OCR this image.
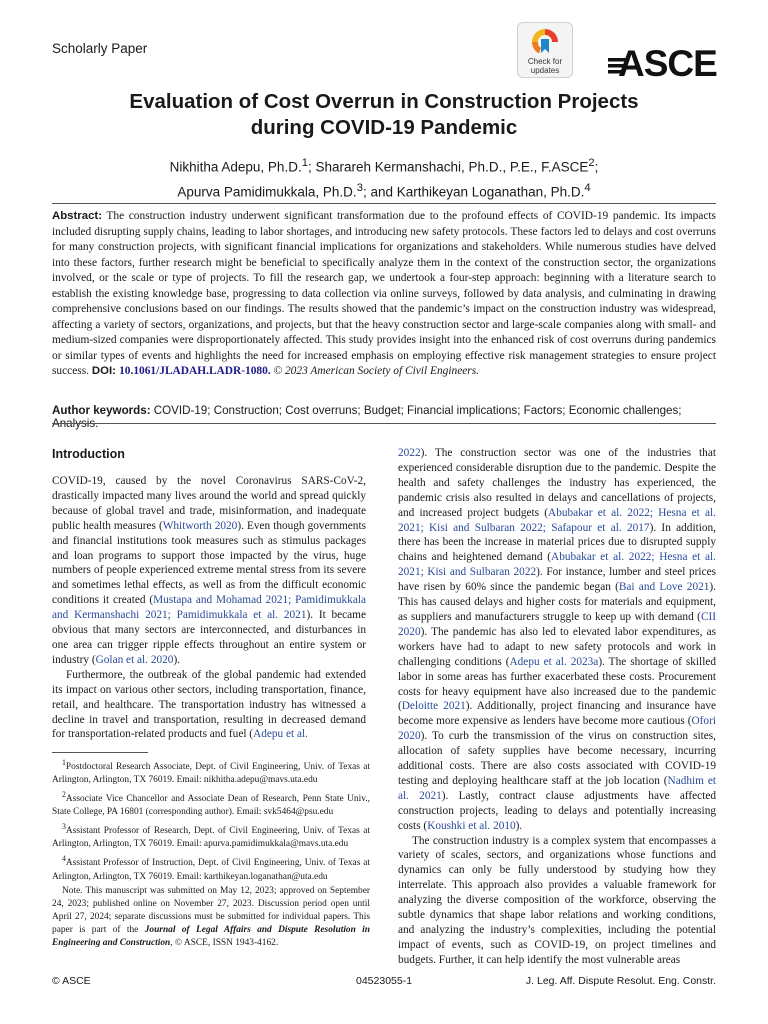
Scholarly Paper
Check for
updates	ASCE
Evaluation of Cost Overrun in Construction Projects
during COVID-19 Pandemic
Nikhitha Adepu, Ph.D.$^1$; Sharareh Kermanshachi, Ph.D., P.E., F.ASCE$^2$;
Apurva Pamidimukkala, Ph.D.$^3$; and Karthikeyan Loganathan, Ph.D.$^4$
Abstract: The construction industry underwent significant transformation due to the profound effects of COVID-19 pandemic. Its impacts included disrupting supply chains, leading to labor shortages, and introducing new safety protocols. These factors led to delays and cost overruns for many construction projects, with significant financial implications for organizations and stakeholders. While numerous studies have delved into these factors, further research might be beneficial to specifically analyze them in the context of the construction sector, the organizations involved, or the scale or type of projects. To fill the research gap, we undertook a four-step approach: beginning with a literature search to establish the existing knowledge base, progressing to data collection via online surveys, followed by data analysis, and culminating in drawing comprehensive conclusions based on our findings. The results showed that the pandemic’s impact on the construction industry was widespread, affecting a variety of sectors, organizations, and projects, but that the heavy construction sector and large-scale companies along with small- and medium-sized companies were disproportionately affected. This study provides insight into the enhanced risk of cost overruns during pandemics or similar types of events and highlights the need for increased emphasis on employing effective risk management strategies to ensure project success. DOI: 10.1061/JLADAH.LADR-1080. © 2023 American Society of Civil Engineers.
Author keywords: COVID-19; Construction; Cost overruns; Budget; Financial implications; Factors; Economic challenges; Analysis.
Introduction

COVID-19, caused by the novel Coronavirus SARS-CoV-2, drastically impacted many lives around the world and spread quickly because of global travel and trade, misinformation, and inadequate public health measures (Whitworth 2020). Even though governments and financial institutions took measures such as stimulus packages and loan programs to support those impacted by the virus, huge numbers of people experienced extreme mental stress from its severe and sometimes lethal effects, as well as from the difficult economic conditions it created (Mustapa and Mohamad 2021; Pamidimukkala and Kermanshachi 2021; Pamidimukkala et al. 2021). It became obvious that many sectors are interconnected, and disturbances in one area can trigger ripple effects throughout an entire system or industry (Golan et al. 2020).

Furthermore, the outbreak of the global pandemic had extended its impact on various other sectors, including transportation, finance, retail, and healthcare. The transportation industry has witnessed a decline in travel and transportation, resulting in decreased demand for transportation-related products and fuel (Adepu et al.

$^1$Postdoctoral Research Associate, Dept. of Civil Engineering, Univ. of Texas at Arlington, Arlington, TX 76019. Email: nikhitha.adepu@mavs.uta.edu

$^2$Associate Vice Chancellor and Associate Dean of Research, Penn State Univ., State College, PA 16801 (corresponding author). Email: svk5464@psu.edu

$^3$Assistant Professor of Research, Dept. of Civil Engineering, Univ. of Texas at Arlington, Arlington, TX 76019. Email: apurva.pamidimukkala@mavs.uta.edu

$^4$Assistant Professor of Instruction, Dept. of Civil Engineering, Univ. of Texas at Arlington, Arlington, TX 76019. Email: karthikeyan.loganathan@uta.edu

Note. This manuscript was submitted on May 12, 2023; approved on September 24, 2023; published online on November 27, 2023. Discussion period open until April 27, 2024; separate discussions must be submitted for individual papers. This paper is part of the Journal of Legal Affairs and Dispute Resolution in Engineering and Construction, © ASCE, ISSN 1943-4162.

2022). The construction sector was one of the industries that experienced considerable disruption due to the pandemic. Despite the health and safety challenges the industry has experienced, the pandemic crisis also resulted in delays and cancellations of projects, and increased project budgets (Abubakar et al. 2022; Hesna et al. 2021; Kisi and Sulbaran 2022; Safapour et al. 2017). In addition, there has been the increase in material prices due to disrupted supply chains and heightened demand (Abubakar et al. 2022; Hesna et al. 2021; Kisi and Sulbaran 2022). For instance, lumber and steel prices have risen by 60% since the pandemic began (Bai and Love 2021). This has caused delays and higher costs for materials and equipment, as suppliers and manufacturers struggle to keep up with demand (CII 2020). The pandemic has also led to elevated labor expenditures, as workers have had to adapt to new safety protocols and work in challenging conditions (Adepu et al. 2023a). The shortage of skilled labor in some areas has further exacerbated these costs. Procurement costs for heavy equipment have also increased due to the pandemic (Deloitte 2021). Additionally, project financing and insurance have become more expensive as lenders have become more cautious (Ofori 2020). To curb the transmission of the virus on construction sites, allocation of safety supplies have become necessary, incurring additional costs. There are also costs associated with COVID-19 testing and deploying healthcare staff at the job location (Nadhim et al. 2021). Lastly, contract clause adjustments have affected construction projects, leading to delays and potentially increasing costs (Koushki et al. 2010).

The construction industry is a complex system that encompasses a variety of scales, sectors, and organizations whose functions and dynamics can only be fully understood by studying how they interrelate. This approach also provides a valuable framework for analyzing the diverse composition of the workforce, observing the subtle dynamics that shape labor relations and working conditions, and analyzing the industry’s complexities, including the potential impact of events, such as COVID-19, on project timelines and budgets. Further, it can help identify the most vulnerable areas

© ASCE	04523055-1	J. Leg. Aff. Dispute Resolut. Eng. Constr.
